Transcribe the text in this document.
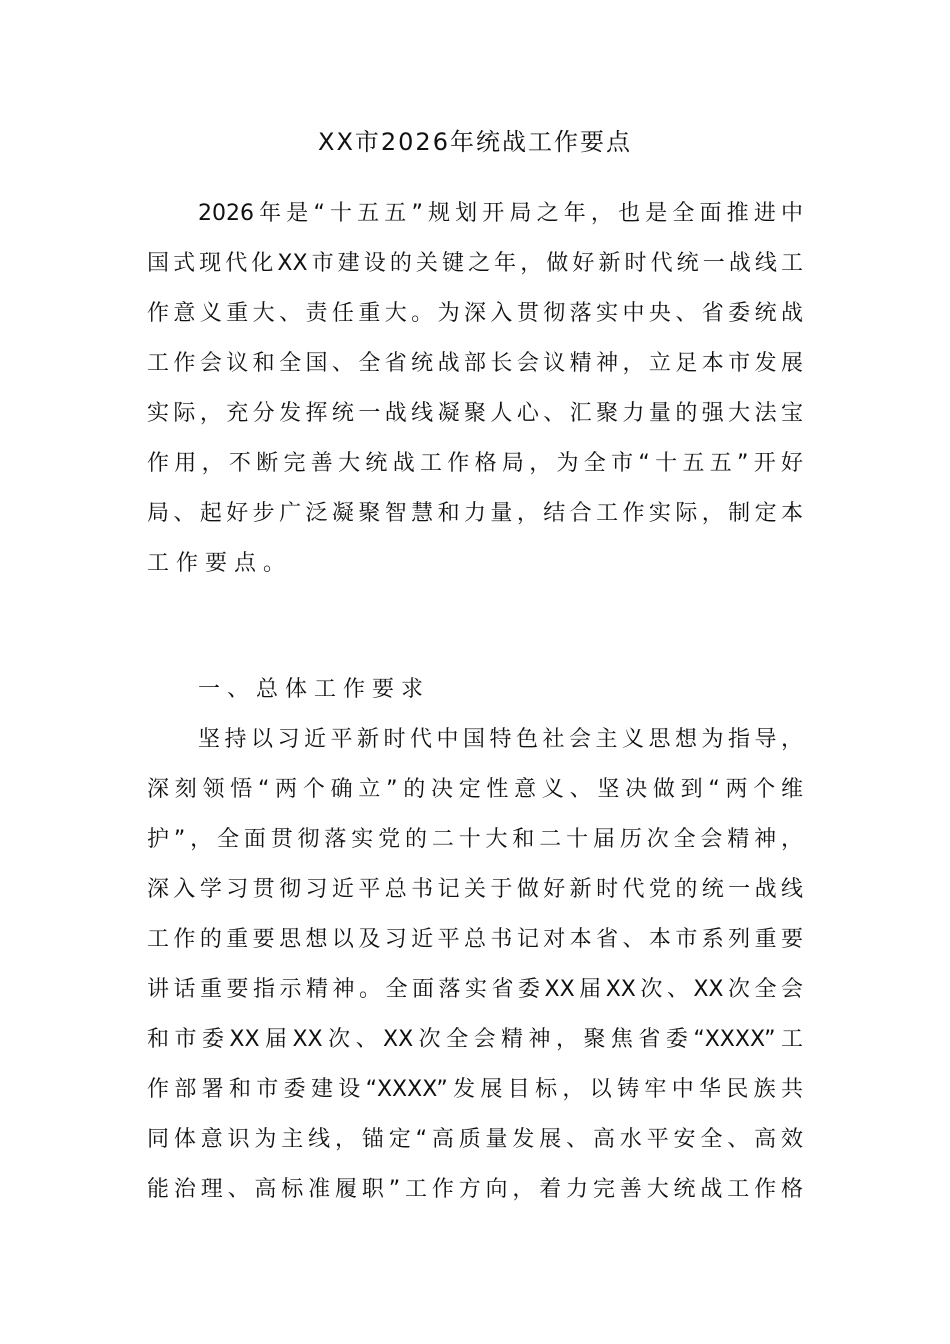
XX市2026年统战工作要点
2026年是“十五五”规划开局之年，也是全面推进中
国式现代化XX市建设的关键之年，做好新时代统一战线工
作意义重大、责任重大。为深入贯彻落实中央、省委统战
工作会议和全国、全省统战部长会议精神，立足本市发展
实际，充分发挥统一战线凝聚人心、汇聚力量的强大法宝
作用，不断完善大统战工作格局，为全市“十五五”开好
局、起好步广泛凝聚智慧和力量，结合工作实际，制定本
工作要点。
一、总体工作要求
坚持以习近平新时代中国特色社会主义思想为指导，
深刻领悟“两个确立”的决定性意义、坚决做到“两个维
护”，全面贯彻落实党的二十大和二十届历次全会精神，
深入学习贯彻习近平总书记关于做好新时代党的统一战线
工作的重要思想以及习近平总书记对本省、本市系列重要
讲话重要指示精神。全面落实省委XX届XX次、XX次全会
和市委XX届XX次、XX次全会精神，聚焦省委“XXXX”工
作部署和市委建设“XXXX”发展目标，以铸牢中华民族共
同体意识为主线，锚定“高质量发展、高水平安全、高效
能治理、高标准履职”工作方向，着力完善大统战工作格
